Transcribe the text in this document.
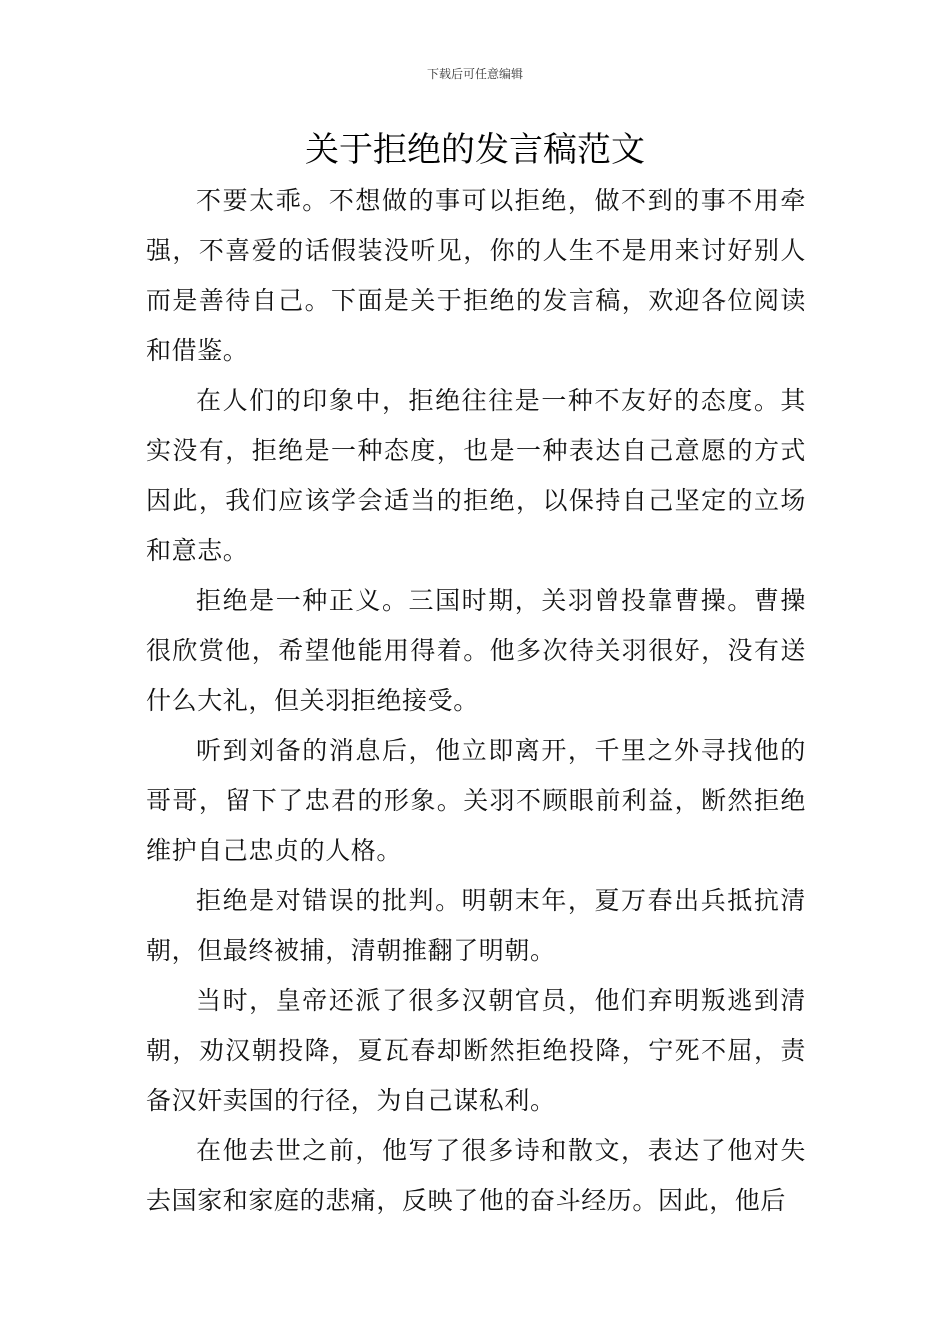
下载后可任意编辑
关于拒绝的发言稿范文

不要太乖。不想做的事可以拒绝，做不到的事不用牵强，不喜爱的话假装没听见，你的人生不是用来讨好别人而是善待自己。下面是关于拒绝的发言稿，欢迎各位阅读和借鉴。

在人们的印象中，拒绝往往是一种不友好的态度。其实没有，拒绝是一种态度，也是一种表达自己意愿的方式因此，我们应该学会适当的拒绝，以保持自己坚定的立场和意志。

拒绝是一种正义。三国时期，关羽曾投靠曹操。曹操很欣赏他，希望他能用得着。他多次待关羽很好，没有送什么大礼，但关羽拒绝接受。

听到刘备的消息后，他立即离开，千里之外寻找他的哥哥，留下了忠君的形象。关羽不顾眼前利益，断然拒绝维护自己忠贞的人格。

拒绝是对错误的批判。明朝末年，夏万春出兵抵抗清朝，但最终被捕，清朝推翻了明朝。

当时，皇帝还派了很多汉朝官员，他们弃明叛逃到清朝，劝汉朝投降，夏瓦春却断然拒绝投降，宁死不屈，责备汉奸卖国的行径，为自己谋私利。

在他去世之前，他写了很多诗和散文，表达了他对失去国家和家庭的悲痛，反映了他的奋斗经历。因此，他后
